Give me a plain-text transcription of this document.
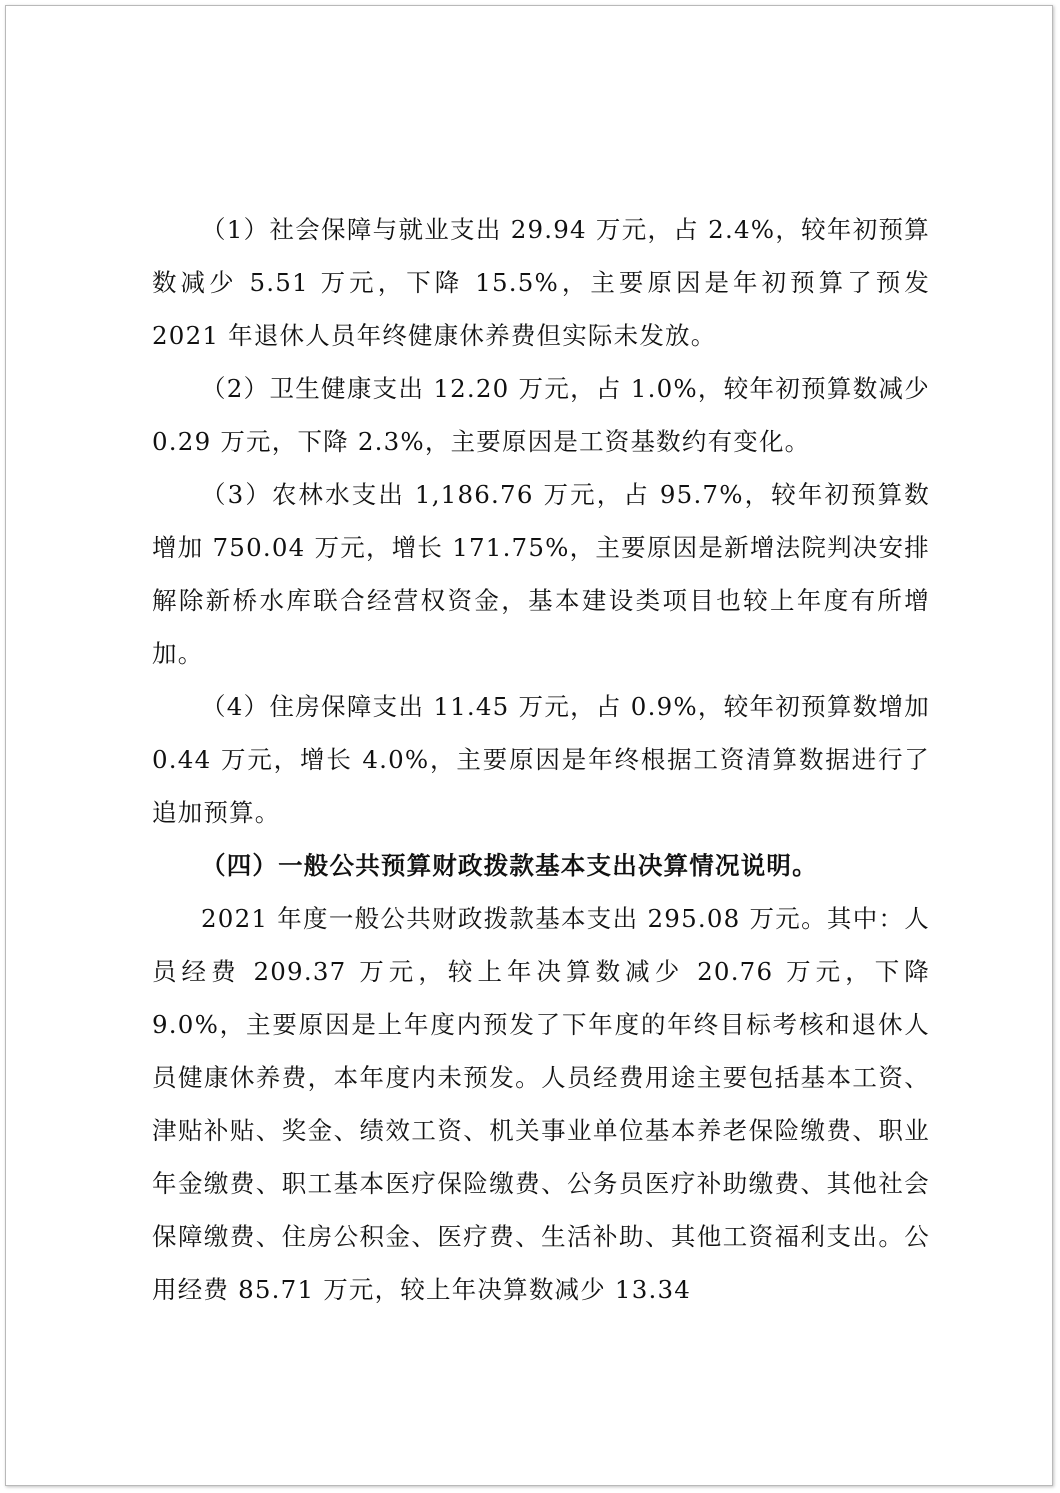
（1）社会保障与就业支出 29.94 万元，占 2.4%，较年初预算数减少 5.51 万元，下降 15.5%，主要原因是年初预算了预发 2021 年退休人员年终健康休养费但实际未发放。

（2）卫生健康支出 12.20 万元，占 1.0%，较年初预算数减少 0.29 万元，下降 2.3%，主要原因是工资基数约有变化。

（3）农林水支出 1,186.76 万元，占 95.7%，较年初预算数增加 750.04 万元，增长 171.75%，主要原因是新增法院判决安排解除新桥水库联合经营权资金，基本建设类项目也较上年度有所增加。

（4）住房保障支出 11.45 万元，占 0.9%，较年初预算数增加 0.44 万元，增长 4.0%，主要原因是年终根据工资清算数据进行了追加预算。

（四）一般公共预算财政拨款基本支出决算情况说明。

2021 年度一般公共财政拨款基本支出 295.08 万元。其中：人员经费 209.37 万元，较上年决算数减少 20.76 万元，下降 9.0%，主要原因是上年度内预发了下年度的年终目标考核和退休人员健康休养费，本年度内未预发。人员经费用途主要包括基本工资、津贴补贴、奖金、绩效工资、机关事业单位基本养老保险缴费、职业年金缴费、职工基本医疗保险缴费、公务员医疗补助缴费、其他社会保障缴费、住房公积金、医疗费、生活补助、其他工资福利支出。公用经费 85.71 万元，较上年决算数减少 13.34
